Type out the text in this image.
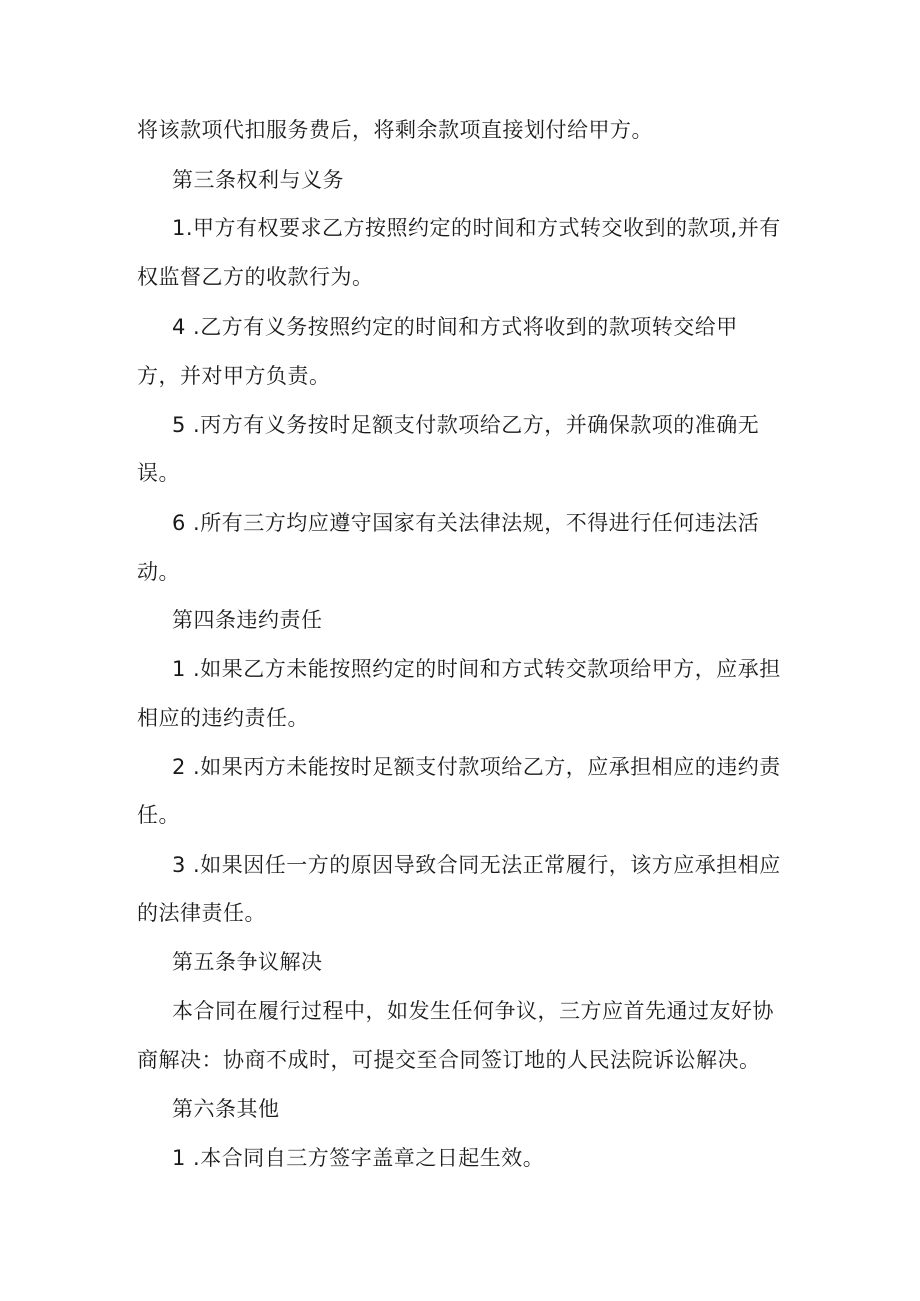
将该款项代扣服务费后，将剩余款项直接划付给甲方。
第三条权利与义务
1.甲方有权要求乙方按照约定的时间和方式转交收到的款项,并有
权监督乙方的收款行为。
4 .乙方有义务按照约定的时间和方式将收到的款项转交给甲
方，并对甲方负责。
5 .丙方有义务按时足额支付款项给乙方，并确保款项的准确无
误。
6 .所有三方均应遵守国家有关法律法规，不得进行任何违法活
动。
第四条违约责任
1 .如果乙方未能按照约定的时间和方式转交款项给甲方，应承担
相应的违约责任。
2 .如果丙方未能按时足额支付款项给乙方，应承担相应的违约责
任。
3 .如果因任一方的原因导致合同无法正常履行，该方应承担相应
的法律责任。
第五条争议解决
本合同在履行过程中，如发生任何争议，三方应首先通过友好协
商解决：协商不成时，可提交至合同签订地的人民法院诉讼解决。
第六条其他
1 .本合同自三方签字盖章之日起生效。
